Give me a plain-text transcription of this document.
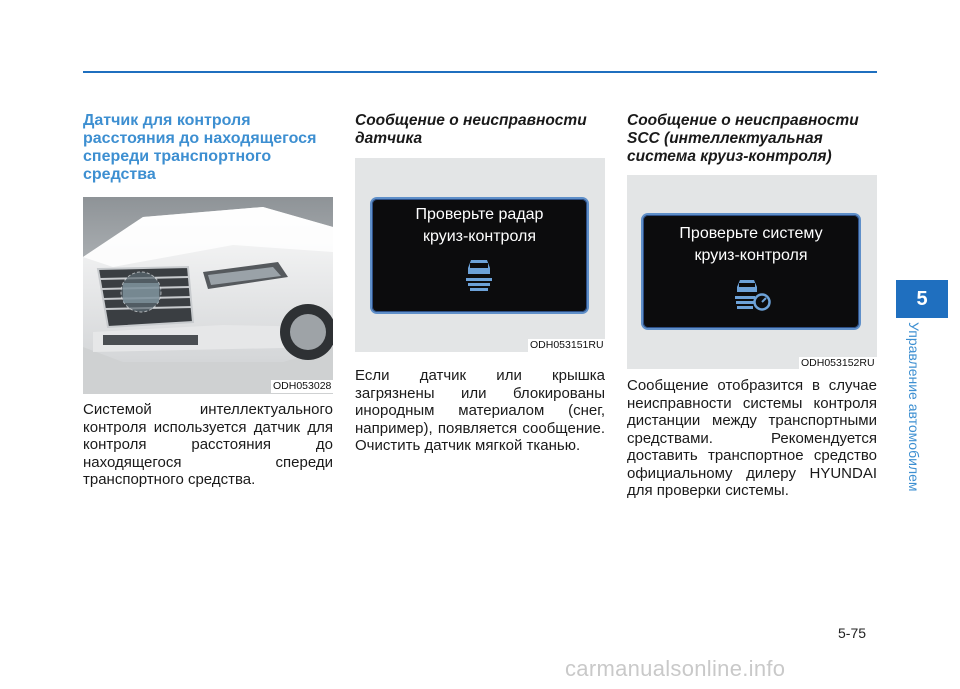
Датчик для контроля расстояния до находящегося спереди транспортного средства

ODH053028

Системой интеллектуального контроля используется датчик для контроля расстояния до находящегося спереди транспортного средства.

Сообщение о неисправности датчика

Проверьте радар
круиз-контроля
ODH053151RU

Если датчик или крышка загрязнены или блокированы инородным материалом (снег, например), появляется сообщение. Очистить датчик мягкой тканью.

Сообщение о неисправности SCC (интеллектуальная система круиз-контроля)

Проверьте систему
круиз-контроля
ODH053152RU

Сообщение отобразится в случае неисправности системы контроля дистанции между транспортными средствами. Рекомендуется доставить транспортное средство официальному дилеру HYUNDAI для проверки системы.

5
Управление автомобилем
5-75
carmanualsonline.info
